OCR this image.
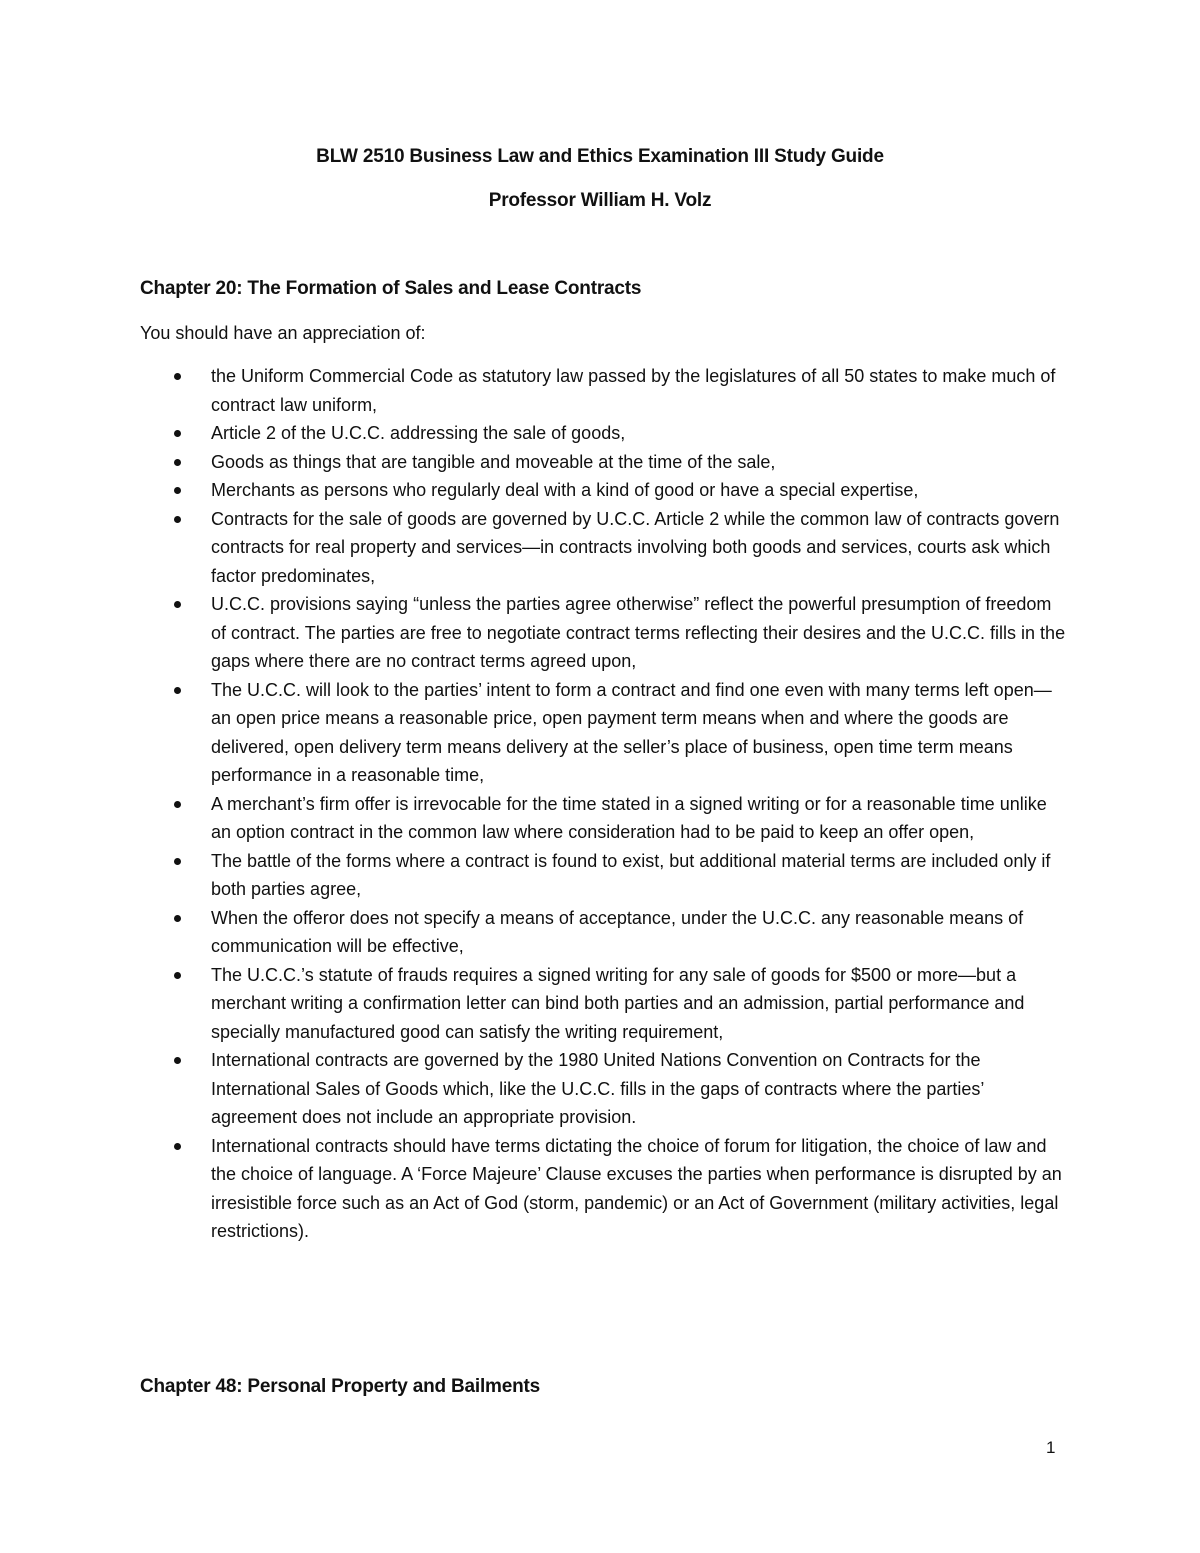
BLW 2510 Business Law and Ethics Examination III Study Guide
Professor William H. Volz
Chapter 20: The Formation of Sales and Lease Contracts
You should have an appreciation of:
the Uniform Commercial Code as statutory law passed by the legislatures of all 50 states to make much of contract law uniform,
Article 2 of the U.C.C. addressing the sale of goods,
Goods as things that are tangible and moveable at the time of the sale,
Merchants as persons who regularly deal with a kind of good or have a special expertise,
Contracts for the sale of goods are governed by U.C.C. Article 2 while the common law of contracts govern contracts for real property and services—in contracts involving both goods and services, courts ask which factor predominates,
U.C.C. provisions saying “unless the parties agree otherwise” reflect the powerful presumption of freedom of contract. The parties are free to negotiate contract terms reflecting their desires and the U.C.C. fills in the gaps where there are no contract terms agreed upon,
The U.C.C. will look to the parties’ intent to form a contract and find one even with many terms left open—an open price means a reasonable price, open payment term means when and where the goods are delivered, open delivery term means delivery at the seller’s place of business, open time term means performance in a reasonable time,
A merchant’s firm offer is irrevocable for the time stated in a signed writing or for a reasonable time unlike an option contract in the common law where consideration had to be paid to keep an offer open,
The battle of the forms where a contract is found to exist, but additional material terms are included only if both parties agree,
When the offeror does not specify a means of acceptance, under the U.C.C. any reasonable means of communication will be effective,
The U.C.C.’s statute of frauds requires a signed writing for any sale of goods for $500 or more—but a merchant writing a confirmation letter can bind both parties and an admission, partial performance and specially manufactured good can satisfy the writing requirement,
International contracts are governed by the 1980 United Nations Convention on Contracts for the International Sales of Goods which, like the U.C.C. fills in the gaps of contracts where the parties’ agreement does not include an appropriate provision.
International contracts should have terms dictating the choice of forum for litigation, the choice of law and the choice of language. A ‘Force Majeure’ Clause excuses the parties when performance is disrupted by an irresistible force such as an Act of God (storm, pandemic) or an Act of Government (military activities, legal restrictions).
Chapter 48: Personal Property and Bailments
1
